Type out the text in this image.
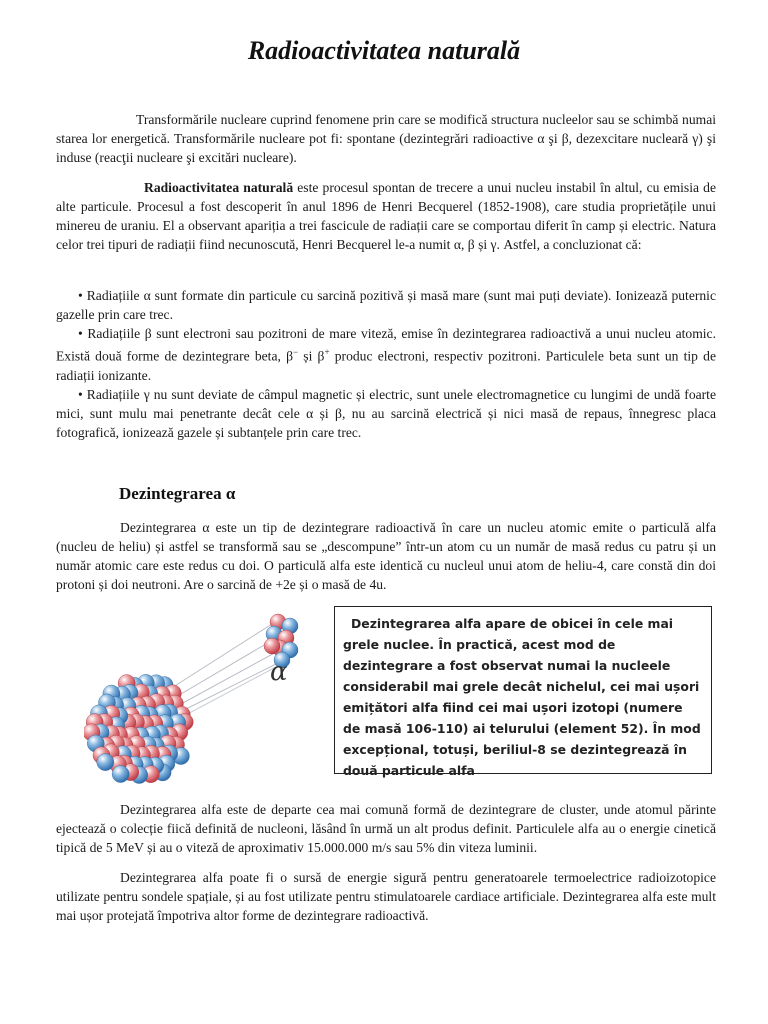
Radioactivitatea naturală

Transformările nucleare cuprind fenomene prin care se modifică structura nucleelor sau se schimbă numai starea lor energetică. Transformările nucleare pot fi: spontane (dezintegrări radioactive α şi β, dezexcitare nucleară γ) şi induse (reacţii nucleare şi excitări nucleare).

Radioactivitatea naturală este procesul spontan de trecere a unui nucleu instabil în altul, cu emisia de alte particule. Procesul a fost descoperit în anul 1896 de Henri Becquerel (1852-1908), care studia proprietățile unui minereu de uraniu. El a observant apariția a trei fascicule de radiații care se comportau diferit în camp și electric. Natura celor trei tipuri de radiații fiind necunoscută, Henri Becquerel le-a numit α, β și γ. Astfel, a concluzionat că:

• Radiațiile α sunt formate din particule cu sarcină pozitivă și masă mare (sunt mai puți deviate). Ionizează puternic gazelle prin care trec.

• Radiațiile β sunt electroni sau pozitroni de mare viteză, emise în dezintegrarea radioactivă a unui nucleu atomic. Există două forme de dezintegrare beta, β− și β+ produc electroni, respectiv pozitroni. Particulele beta sunt un tip de radiații ionizante.

• Radiațiile γ nu sunt deviate de câmpul magnetic și electric, sunt unele electromagnetice cu lungimi de undă foarte mici, sunt mulu mai penetrante decât cele α și β, nu au sarcină electrică și nici masă de repaus, înnegresc placa fotografică, ionizează gazele și subtanțele prin care trec.

Dezintegrarea α

Dezintegrarea α este un tip de dezintegrare radioactivă în care un nucleu atomic emite o particulă alfa (nucleu de heliu) și astfel se transformă sau se „descompune” într-un atom cu un număr de masă redus cu patru și un număr atomic care este redus cu doi. O particulă alfa este identică cu nucleul unui atom de heliu-4, care constă din doi protoni și doi neutroni. Are o sarcină de +2e și o masă de 4u.

α
Dezintegrarea alfa apare de obicei în cele mai grele nuclee. În practică, acest mod de dezintegrare a fost observat numai la nucleele considerabil mai grele decât nichelul, cei mai ușori emițători alfa fiind cei mai ușori izotopi (numere de masă 106-110) ai telurului (element 52). În mod excepțional, totuși, beriliul-8 se dezintegrează în două particule alfa

Dezintegrarea alfa este de departe cea mai comună formă de dezintegrare de cluster, unde atomul părinte ejectează o colecție fiică definită de nucleoni, lăsând în urmă un alt produs definit. Particulele alfa au o energie cinetică tipică de 5 MeV și au o viteză de aproximativ 15.000.000 m/s sau 5% din viteza luminii.

Dezintegrarea alfa poate fi o sursă de energie sigură pentru generatoarele termoelectrice radioizotopice utilizate pentru sondele spațiale, și au fost utilizate pentru stimulatoarele cardiace artificiale. Dezintegrarea alfa este mult mai ușor protejată împotriva altor forme de dezintegrare radioactivă.
